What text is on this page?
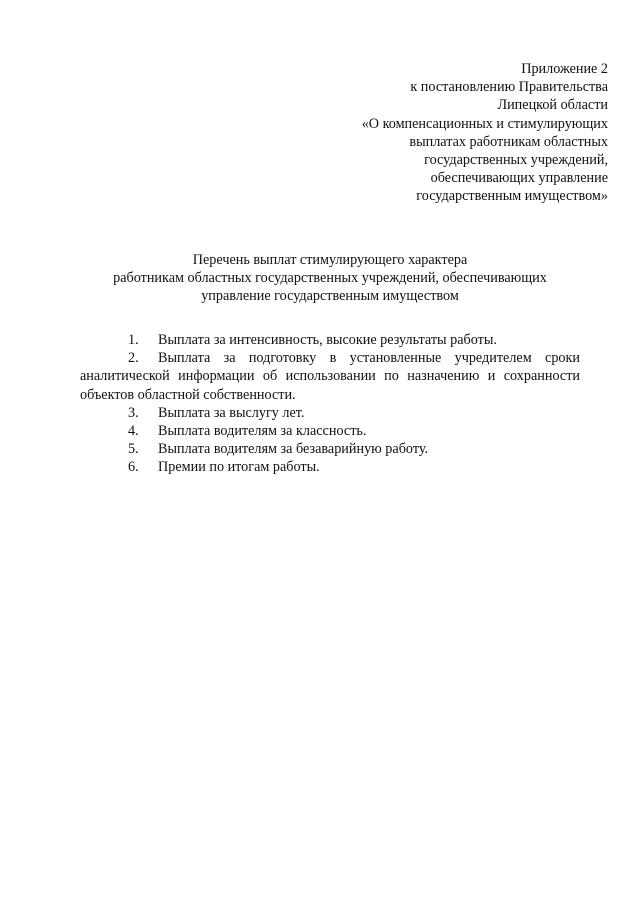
Приложение 2
к постановлению Правительства
Липецкой области
«О компенсационных и стимулирующих
выплатах работникам областных
государственных учреждений,
обеспечивающих управление
государственным имуществом»
Перечень выплат стимулирующего характера
работникам областных государственных учреждений, обеспечивающих
управление государственным имуществом
1. Выплата за интенсивность, высокие результаты работы.
2. Выплата за подготовку в установленные учредителем сроки аналитической информации об использовании по назначению и сохранности объектов областной собственности.
3. Выплата за выслугу лет.
4. Выплата водителям за классность.
5. Выплата водителям за безаварийную работу.
6. Премии по итогам работы.
